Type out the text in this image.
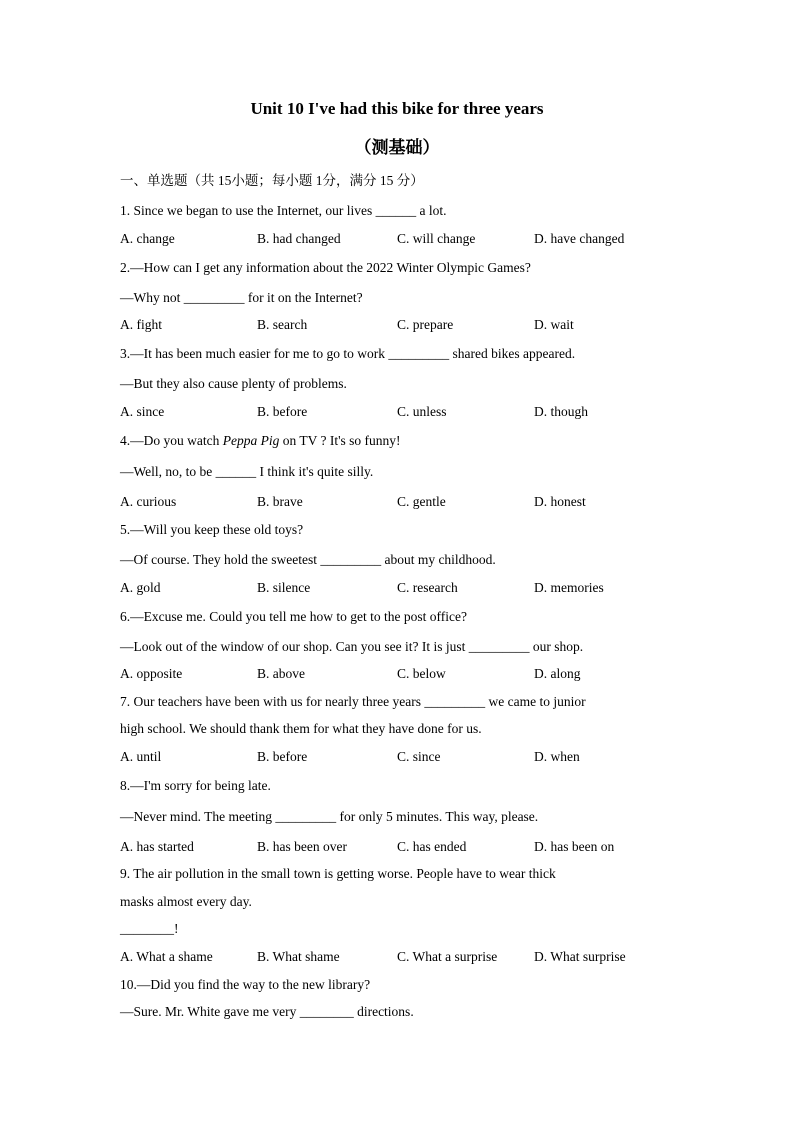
Unit 10 I've had this bike for three years
（测基础）
一、单选题（共 15小题；每小题 1分，满分 15 分）
1. Since we began to use the Internet, our lives ______ a lot.
A. change	B. had changed	C. will change	D. have changed
2.—How can I get any information about the 2022 Winter Olympic Games?
—Why not _________ for it on the Internet?
A. fight	B. search	C. prepare	D. wait
3.—It has been much easier for me to go to work _________ shared bikes appeared.
—But they also cause plenty of problems.
A. since	B. before	C. unless	D. though
4.—Do you watch Peppa Pig on TV ? It's so funny!
—Well, no, to be ______ I think it's quite silly.
A. curious	B. brave	C. gentle	D. honest
5.—Will you keep these old toys?
—Of course. They hold the sweetest _________ about my childhood.
A. gold	B. silence	C. research	D. memories
6.—Excuse me. Could you tell me how to get to the post office?
—Look out of the window of our shop. Can you see it? It is just _________ our shop.
A. opposite	B. above	C. below	D. along
7. Our teachers have been with us for nearly three years _________ we came to junior
high school. We should thank them for what they have done for us.
A. until	B. before	C. since	D. when
8.—I'm sorry for being late.
—Never mind. The meeting _________ for only 5 minutes. This way, please.
A. has started	B. has been over	C. has ended	D. has been on
9. The air pollution in the small town is getting worse. People have to wear thick
masks almost every day.
________!
A. What a shame	B. What shame	C. What a surprise	D. What surprise
10.—Did you find the way to the new library?
—Sure. Mr. White gave me very ________ directions.
